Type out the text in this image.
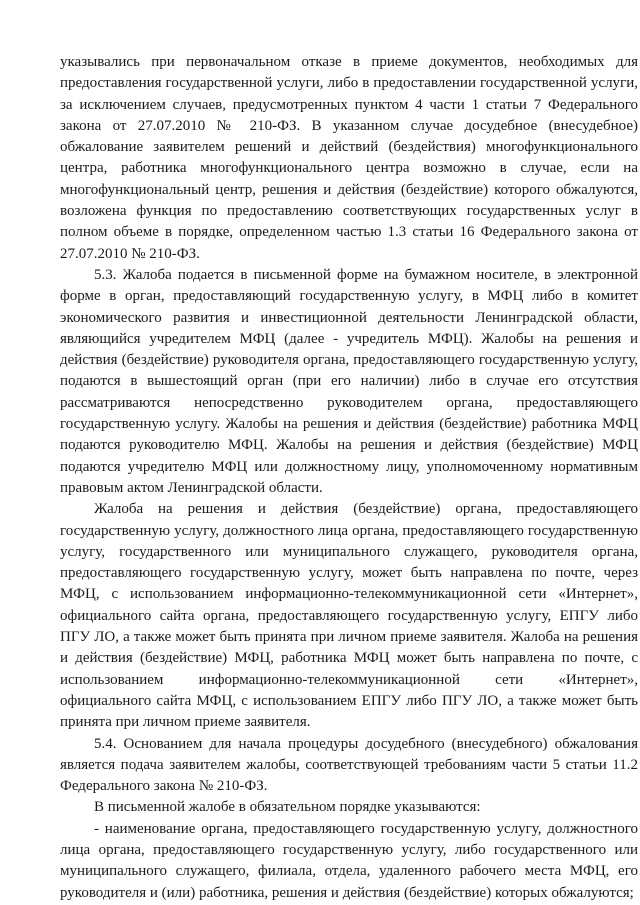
указывались при первоначальном отказе в приеме документов, необходимых для предоставления государственной услуги, либо в предоставлении государственной услуги, за исключением случаев, предусмотренных пунктом 4 части 1 статьи 7 Федерального закона от 27.07.2010 № 210-ФЗ. В указанном случае досудебное (внесудебное) обжалование заявителем решений и действий (бездействия) многофункционального центра, работника многофункционального центра возможно в случае, если на многофункциональный центр, решения и действия (бездействие) которого обжалуются, возложена функция по предоставлению соответствующих государственных услуг в полном объеме в порядке, определенном частью 1.3 статьи 16 Федерального закона от 27.07.2010 № 210-ФЗ.

5.3. Жалоба подается в письменной форме на бумажном носителе, в электронной форме в орган, предоставляющий государственную услугу, в МФЦ либо в комитет экономического развития и инвестиционной деятельности Ленинградской области, являющийся учредителем МФЦ (далее - учредитель МФЦ). Жалобы на решения и действия (бездействие) руководителя органа, предоставляющего государственную услугу, подаются в вышестоящий орган (при его наличии) либо в случае его отсутствия рассматриваются непосредственно руководителем органа, предоставляющего государственную услугу. Жалобы на решения и действия (бездействие) работника МФЦ подаются руководителю МФЦ. Жалобы на решения и действия (бездействие) МФЦ подаются учредителю МФЦ или должностному лицу, уполномоченному нормативным правовым актом Ленинградской области.

Жалоба на решения и действия (бездействие) органа, предоставляющего государственную услугу, должностного лица органа, предоставляющего государственную услугу, государственного или муниципального служащего, руководителя органа, предоставляющего государственную услугу, может быть направлена по почте, через МФЦ, с использованием информационно-телекоммуникационной сети «Интернет», официального сайта органа, предоставляющего государственную услугу, ЕПГУ либо ПГУ ЛО, а также может быть принята при личном приеме заявителя. Жалоба на решения и действия (бездействие) МФЦ, работника МФЦ может быть направлена по почте, с использованием информационно-телекоммуникационной сети «Интернет», официального сайта МФЦ, с использованием ЕПГУ либо ПГУ ЛО, а также может быть принята при личном приеме заявителя.

5.4. Основанием для начала процедуры досудебного (внесудебного) обжалования является подача заявителем жалобы, соответствующей требованиям части 5 статьи 11.2 Федерального закона № 210-ФЗ.

В письменной жалобе в обязательном порядке указываются:

- наименование органа, предоставляющего государственную услугу, должностного лица органа, предоставляющего государственную услугу, либо государственного или муниципального служащего, филиала, отдела, удаленного рабочего места МФЦ, его руководителя и (или) работника, решения и действия (бездействие) которых обжалуются;
